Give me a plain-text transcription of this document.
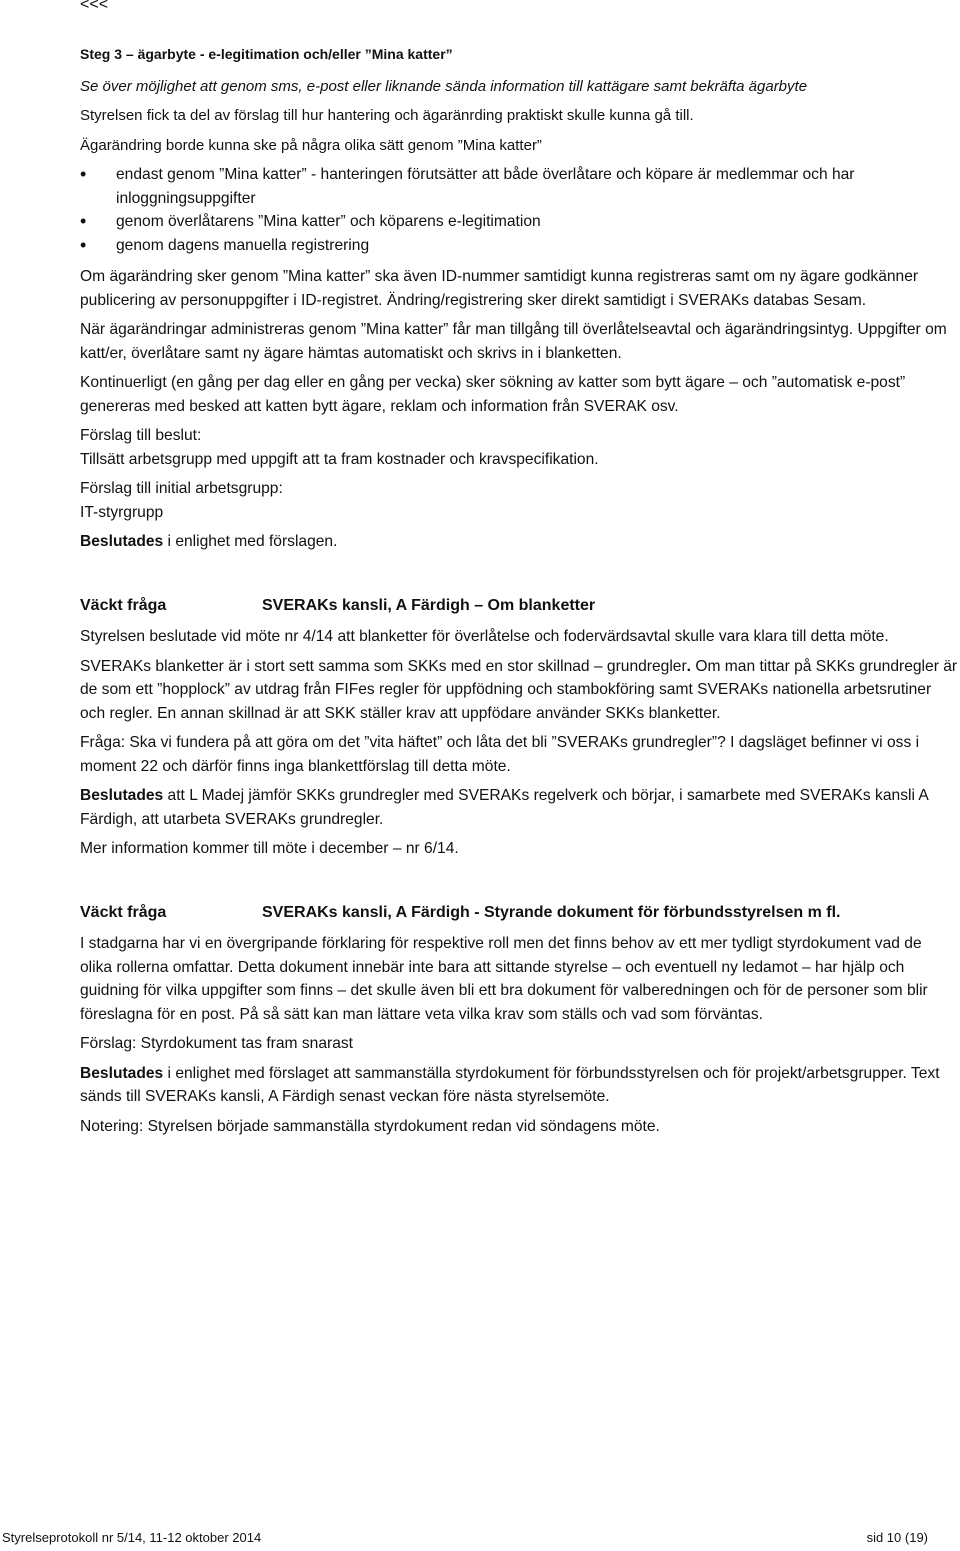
<<<

Steg 3 – ägarbyte - e-legitimation och/eller ”Mina katter”

Se över möjlighet att genom sms, e-post eller liknande sända information till kattägare samt bekräfta ägarbyte

Styrelsen fick ta del av förslag till hur hantering och ägaränrding praktiskt skulle kunna gå till.

Ägarändring borde kunna ske på några olika sätt genom ”Mina katter”

• endast genom ”Mina katter” - hanteringen förutsätter att både överlåtare och köpare är medlemmar och har inloggningsuppgifter
• genom överlåtarens ”Mina katter” och köparens e-legitimation
• genom dagens manuella registrering

Om ägarändring sker genom ”Mina katter” ska även ID-nummer samtidigt kunna registreras samt om ny ägare godkänner publicering av personuppgifter i ID-registret. Ändring/registrering sker direkt samtidigt i SVERAKs databas Sesam.

När ägarändringar administreras genom ”Mina katter” får man tillgång till överlåtelseavtal och ägarändringsintyg. Uppgifter om katt/er, överlåtare samt ny ägare hämtas automatiskt och skrivs in i blanketten.

Kontinuerligt (en gång per dag eller en gång per vecka) sker sökning av katter som bytt ägare – och ”automatisk e-post” genereras med besked att katten bytt ägare, reklam och information från SVERAK osv.

Förslag till beslut:

Tillsätt arbetsgrupp med uppgift att ta fram kostnader och kravspecifikation.

Förslag till initial arbetsgrupp:

IT-styrgrupp

Beslutades i enlighet med förslagen.

Väckt fråga	SVERAKs kansli, A Färdigh – Om blanketter

Styrelsen beslutade vid möte nr 4/14 att blanketter för överlåtelse och fodervärdsavtal skulle vara klara till detta möte.

SVERAKs blanketter är i stort sett samma som SKKs med en stor skillnad – grundregler. Om man tittar på SKKs grundregler är de som ett ”hopplock” av utdrag från FIFes regler för uppfödning och stambokföring samt SVERAKs nationella arbetsrutiner och regler. En annan skillnad är att SKK ställer krav att uppfödare använder SKKs blanketter.

Fråga: Ska vi fundera på att göra om det ”vita häftet” och låta det bli ”SVERAKs grundregler”? I dagsläget befinner vi oss i moment 22 och därför finns inga blankettförslag till detta möte.

Beslutades att L Madej jämför SKKs grundregler med SVERAKs regelverk och börjar, i samarbete med SVERAKs kansli A Färdigh, att utarbeta SVERAKs grundregler.

Mer information kommer till möte i december – nr 6/14.

Väckt fråga	SVERAKs kansli, A Färdigh - Styrande dokument för förbundsstyrelsen m fl.

I stadgarna har vi en övergripande förklaring för respektive roll men det finns behov av ett mer tydligt styrdokument vad de olika rollerna omfattar. Detta dokument innebär inte bara att sittande styrelse – och eventuell ny ledamot – har hjälp och guidning för vilka uppgifter som finns – det skulle även bli ett bra dokument för valberedningen och för de personer som blir föreslagna för en post. På så sätt kan man lättare veta vilka krav som ställs och vad som förväntas.

Förslag: Styrdokument tas fram snarast

Beslutades i enlighet med förslaget att sammanställa styrdokument för förbundsstyrelsen och för projekt/arbetsgrupper. Text sänds till SVERAKs kansli, A Färdigh senast veckan före nästa styrelsemöte.

Notering: Styrelsen började sammanställa styrdokument redan vid söndagens möte.

Styrelseprotokoll nr 5/14, 11-12 oktober 2014	sid 10 (19)
